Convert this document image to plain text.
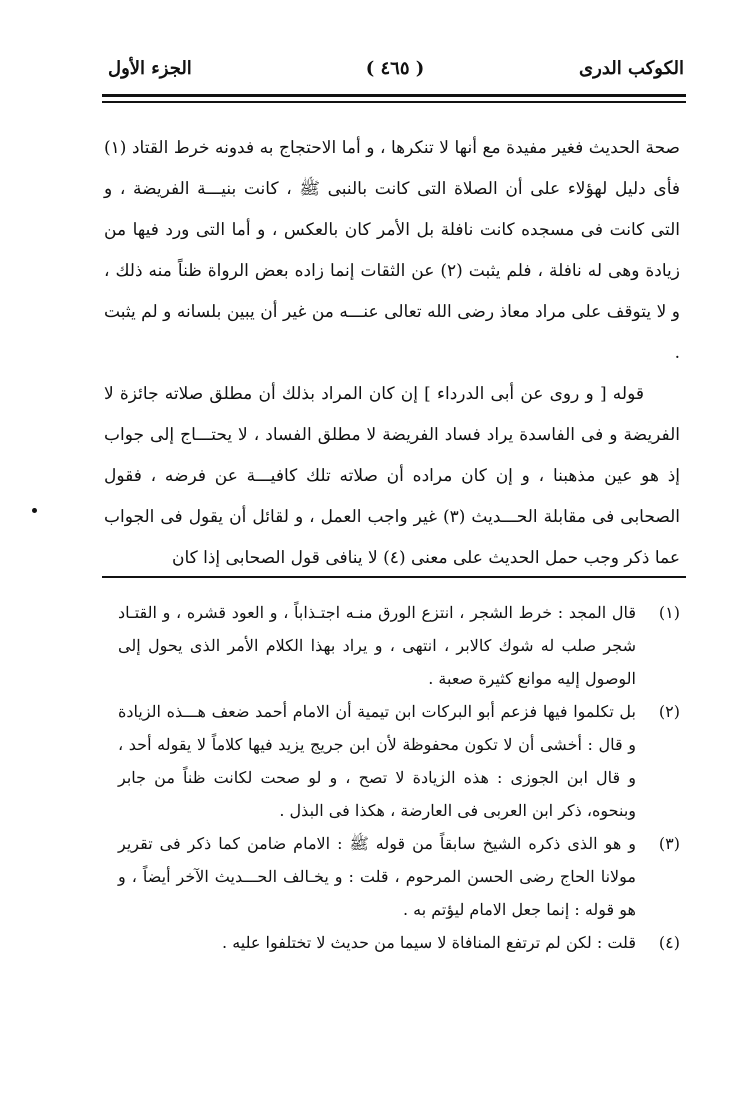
الكوكب الدرى
( ٤٦٥ )
الجزء الأول

صحة الحديث فغير مفيدة مع أنها لا تنكرها ، و أما الاحتجاج به فدونه خرط القتاد (١) فأى دليل لهؤلاء على أن الصلاة التى كانت بالنبى ﷺ ، كانت بنيـــة الفريضة ، و التى كانت فى مسجده كانت نافلة بل الأمر كان بالعكس ، و أما التى ورد فيها من زيادة وهى له نافلة ، فلم يثبت (٢) عن الثقات إنما زاده بعض الرواة ظناً منه ذلك ، و لا يتوقف على مراد معاذ رضى الله تعالى عنـــه من غير أن يبين بلسانه و لم يثبت .

قوله [ و روى عن أبى الدرداء ] إن كان المراد بذلك أن مطلق صلاته جائزة لا الفريضة و فى الفاسدة يراد فساد الفريضة لا مطلق الفساد ، لا يحتـــاج إلى جواب إذ هو عين مذهبنا ، و إن كان مراده أن صلاته تلك كافيـــة عن فرضه ، فقول الصحابى فى مقابلة الحـــديث (٣) غير واجب العمل ، و لقائل أن يقول فى الجواب عما ذكر وجب حمل الحديث على معنى (٤) لا ينافى قول الصحابى إذا كان

(١)
قال المجد : خرط الشجر ، انتزع الورق منـه اجتـذاباً ، و العود قشره ، و القتـاد شجر صلب له شوك كالابر ، انتهى ، و يراد بهذا الكلام الأمر الذى يحول إلى الوصول إليه موانع كثيرة صعبة .
(٢)
بل تكلموا فيها فزعم أبو البركات ابن تيمية أن الامام أحمد ضعف هـــذه الزيادة و قال : أخشى أن لا تكون محفوظة لأن ابن جريج يزيد فيها كلاماً لا يقوله أحد ، و قال ابن الجوزى : هذه الزيادة لا تصح ، و لو صحت لكانت ظناً من جابر وبنحوه، ذكر ابن العربى فى العارضة ، هكذا فى البذل .
(٣)
و هو الذى ذكره الشيخ سابقاً من قوله ﷺ : الامام ضامن كما ذكر فى تقرير مولانا الحاج رضى الحسن المرحوم ، قلت : و يخـالف الحـــديث الآخر أيضاً ، و هو قوله : إنما جعل الامام ليؤتم به .
(٤)
قلت : لكن لم ترتفع المنافاة لا سيما من حديث لا تختلفوا عليه .
